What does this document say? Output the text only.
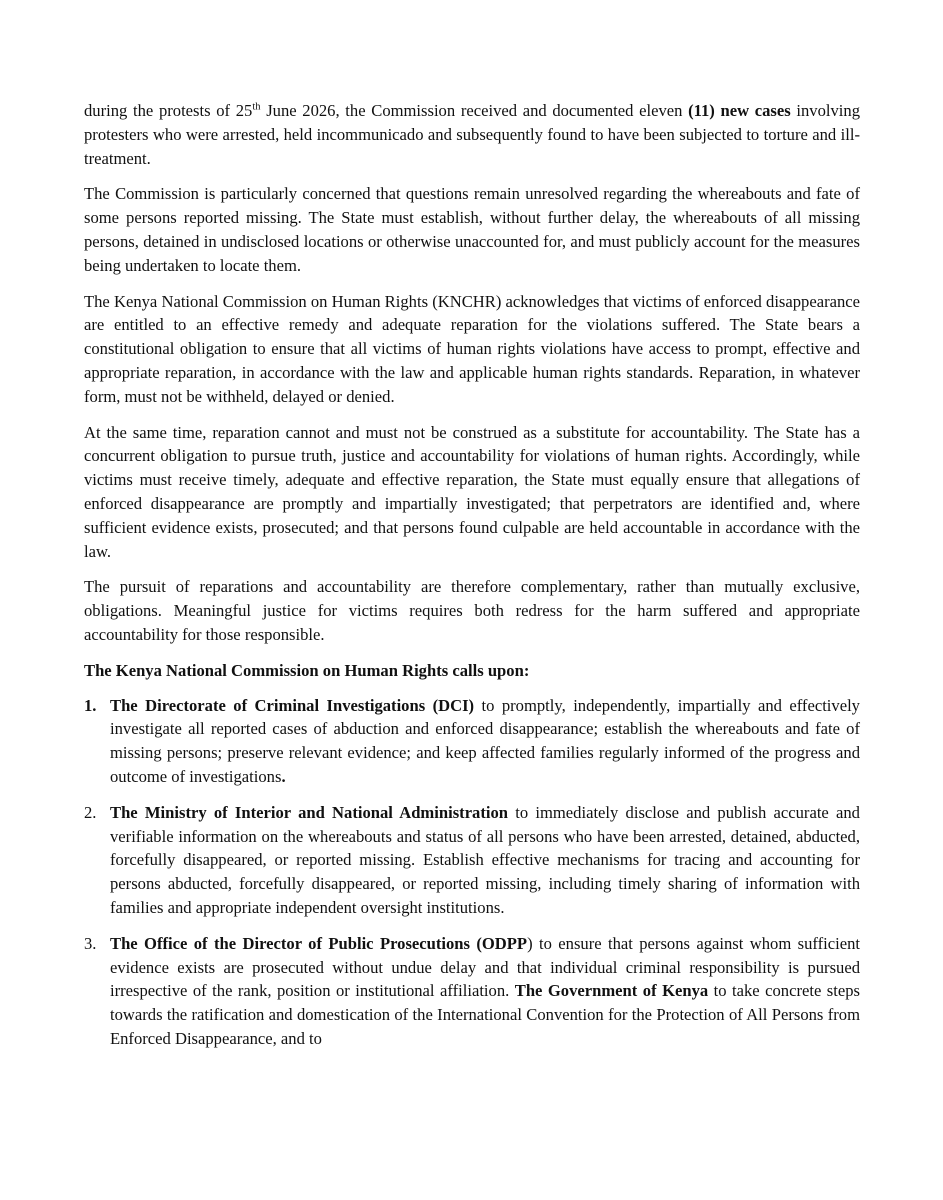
during the protests of 25th June 2026, the Commission received and documented eleven (11) new cases involving protesters who were arrested, held incommunicado and subsequently found to have been subjected to torture and ill-treatment.

The Commission is particularly concerned that questions remain unresolved regarding the whereabouts and fate of some persons reported missing. The State must establish, without further delay, the whereabouts of all missing persons, detained in undisclosed locations or otherwise unaccounted for, and must publicly account for the measures being undertaken to locate them.

The Kenya National Commission on Human Rights (KNCHR) acknowledges that victims of enforced disappearance are entitled to an effective remedy and adequate reparation for the violations suffered. The State bears a constitutional obligation to ensure that all victims of human rights violations have access to prompt, effective and appropriate reparation, in accordance with the law and applicable human rights standards. Reparation, in whatever form, must not be withheld, delayed or denied.

At the same time, reparation cannot and must not be construed as a substitute for accountability. The State has a concurrent obligation to pursue truth, justice and accountability for violations of human rights. Accordingly, while victims must receive timely, adequate and effective reparation, the State must equally ensure that allegations of enforced disappearance are promptly and impartially investigated; that perpetrators are identified and, where sufficient evidence exists, prosecuted; and that persons found culpable are held accountable in accordance with the law.

The pursuit of reparations and accountability are therefore complementary, rather than mutually exclusive, obligations. Meaningful justice for victims requires both redress for the harm suffered and appropriate accountability for those responsible.

The Kenya National Commission on Human Rights calls upon:
1. The Directorate of Criminal Investigations (DCI) to promptly, independently, impartially and effectively investigate all reported cases of abduction and enforced disappearance; establish the whereabouts and fate of missing persons; preserve relevant evidence; and keep affected families regularly informed of the progress and outcome of investigations.
2. The Ministry of Interior and National Administration to immediately disclose and publish accurate and verifiable information on the whereabouts and status of all persons who have been arrested, detained, abducted, forcefully disappeared, or reported missing. Establish effective mechanisms for tracing and accounting for persons abducted, forcefully disappeared, or reported missing, including timely sharing of information with families and appropriate independent oversight institutions.
3. The Office of the Director of Public Prosecutions (ODPP) to ensure that persons against whom sufficient evidence exists are prosecuted without undue delay and that individual criminal responsibility is pursued irrespective of the rank, position or institutional affiliation. The Government of Kenya to take concrete steps towards the ratification and domestication of the International Convention for the Protection of All Persons from Enforced Disappearance, and to
